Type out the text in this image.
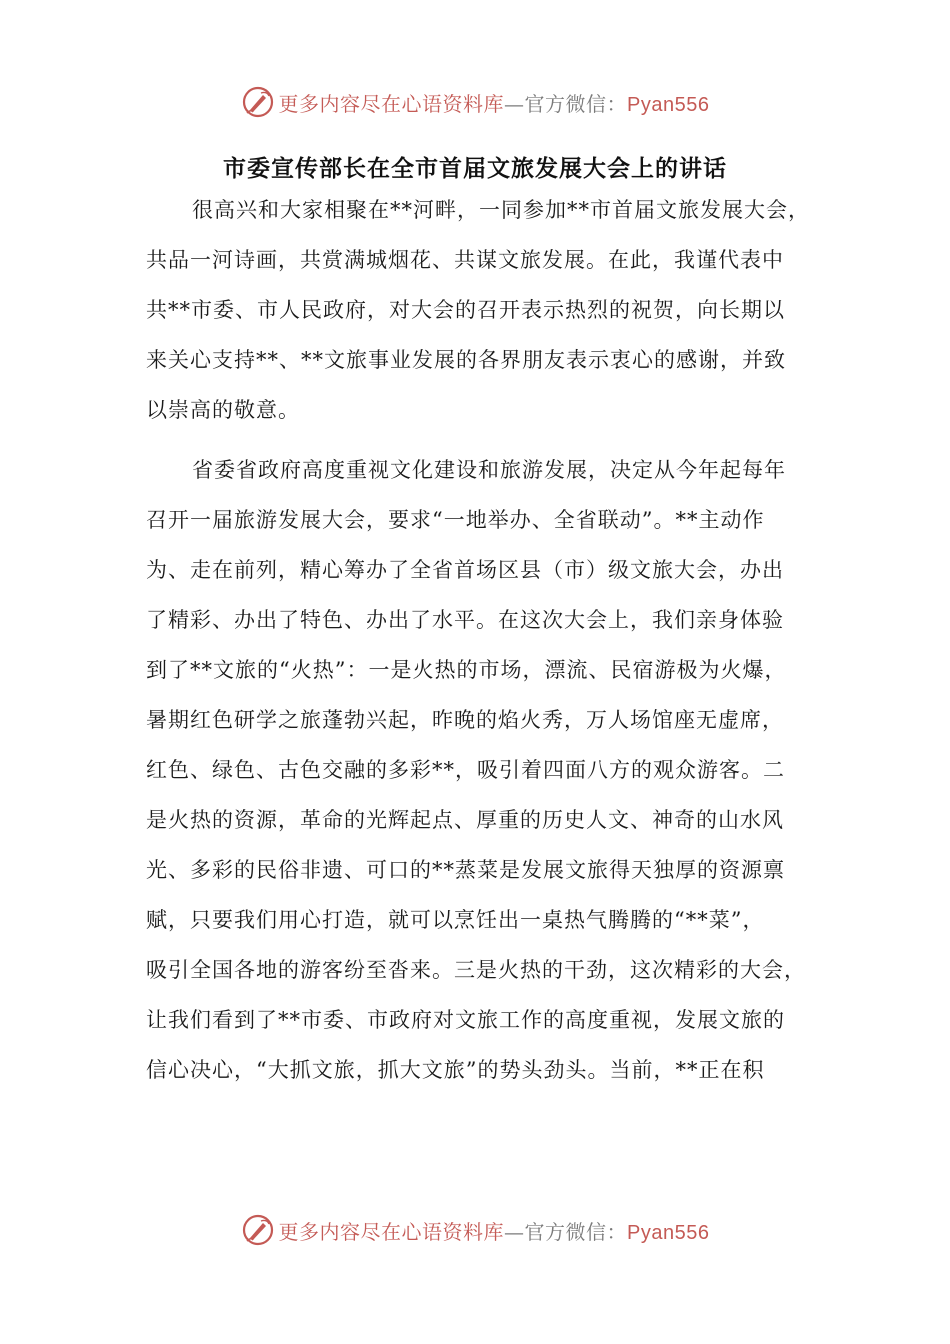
更多内容尽在心语资料库—官方微信：Pyan556
市委宣传部长在全市首届文旅发展大会上的讲话
很高兴和大家相聚在**河畔，一同参加**市首届文旅发展大会，
共品一河诗画，共赏满城烟花、共谋文旅发展。在此，我谨代表中
共**市委、市人民政府，对大会的召开表示热烈的祝贺，向长期以
来关心支持**、**文旅事业发展的各界朋友表示衷心的感谢，并致
以崇高的敬意。
省委省政府高度重视文化建设和旅游发展，决定从今年起每年
召开一届旅游发展大会，要求“一地举办、全省联动”。**主动作
为、走在前列，精心筹办了全省首场区县（市）级文旅大会，办出
了精彩、办出了特色、办出了水平。在这次大会上，我们亲身体验
到了**文旅的“火热”：一是火热的市场，漂流、民宿游极为火爆，
暑期红色研学之旅蓬勃兴起，昨晚的焰火秀，万人场馆座无虚席，
红色、绿色、古色交融的多彩**，吸引着四面八方的观众游客。二
是火热的资源，革命的光辉起点、厚重的历史人文、神奇的山水风
光、多彩的民俗非遗、可口的**蒸菜是发展文旅得天独厚的资源禀
赋，只要我们用心打造，就可以烹饪出一桌热气腾腾的“**菜”，
吸引全国各地的游客纷至沓来。三是火热的干劲，这次精彩的大会，
让我们看到了**市委、市政府对文旅工作的高度重视，发展文旅的
信心决心，“大抓文旅，抓大文旅”的势头劲头。当前，**正在积
更多内容尽在心语资料库—官方微信：Pyan556
